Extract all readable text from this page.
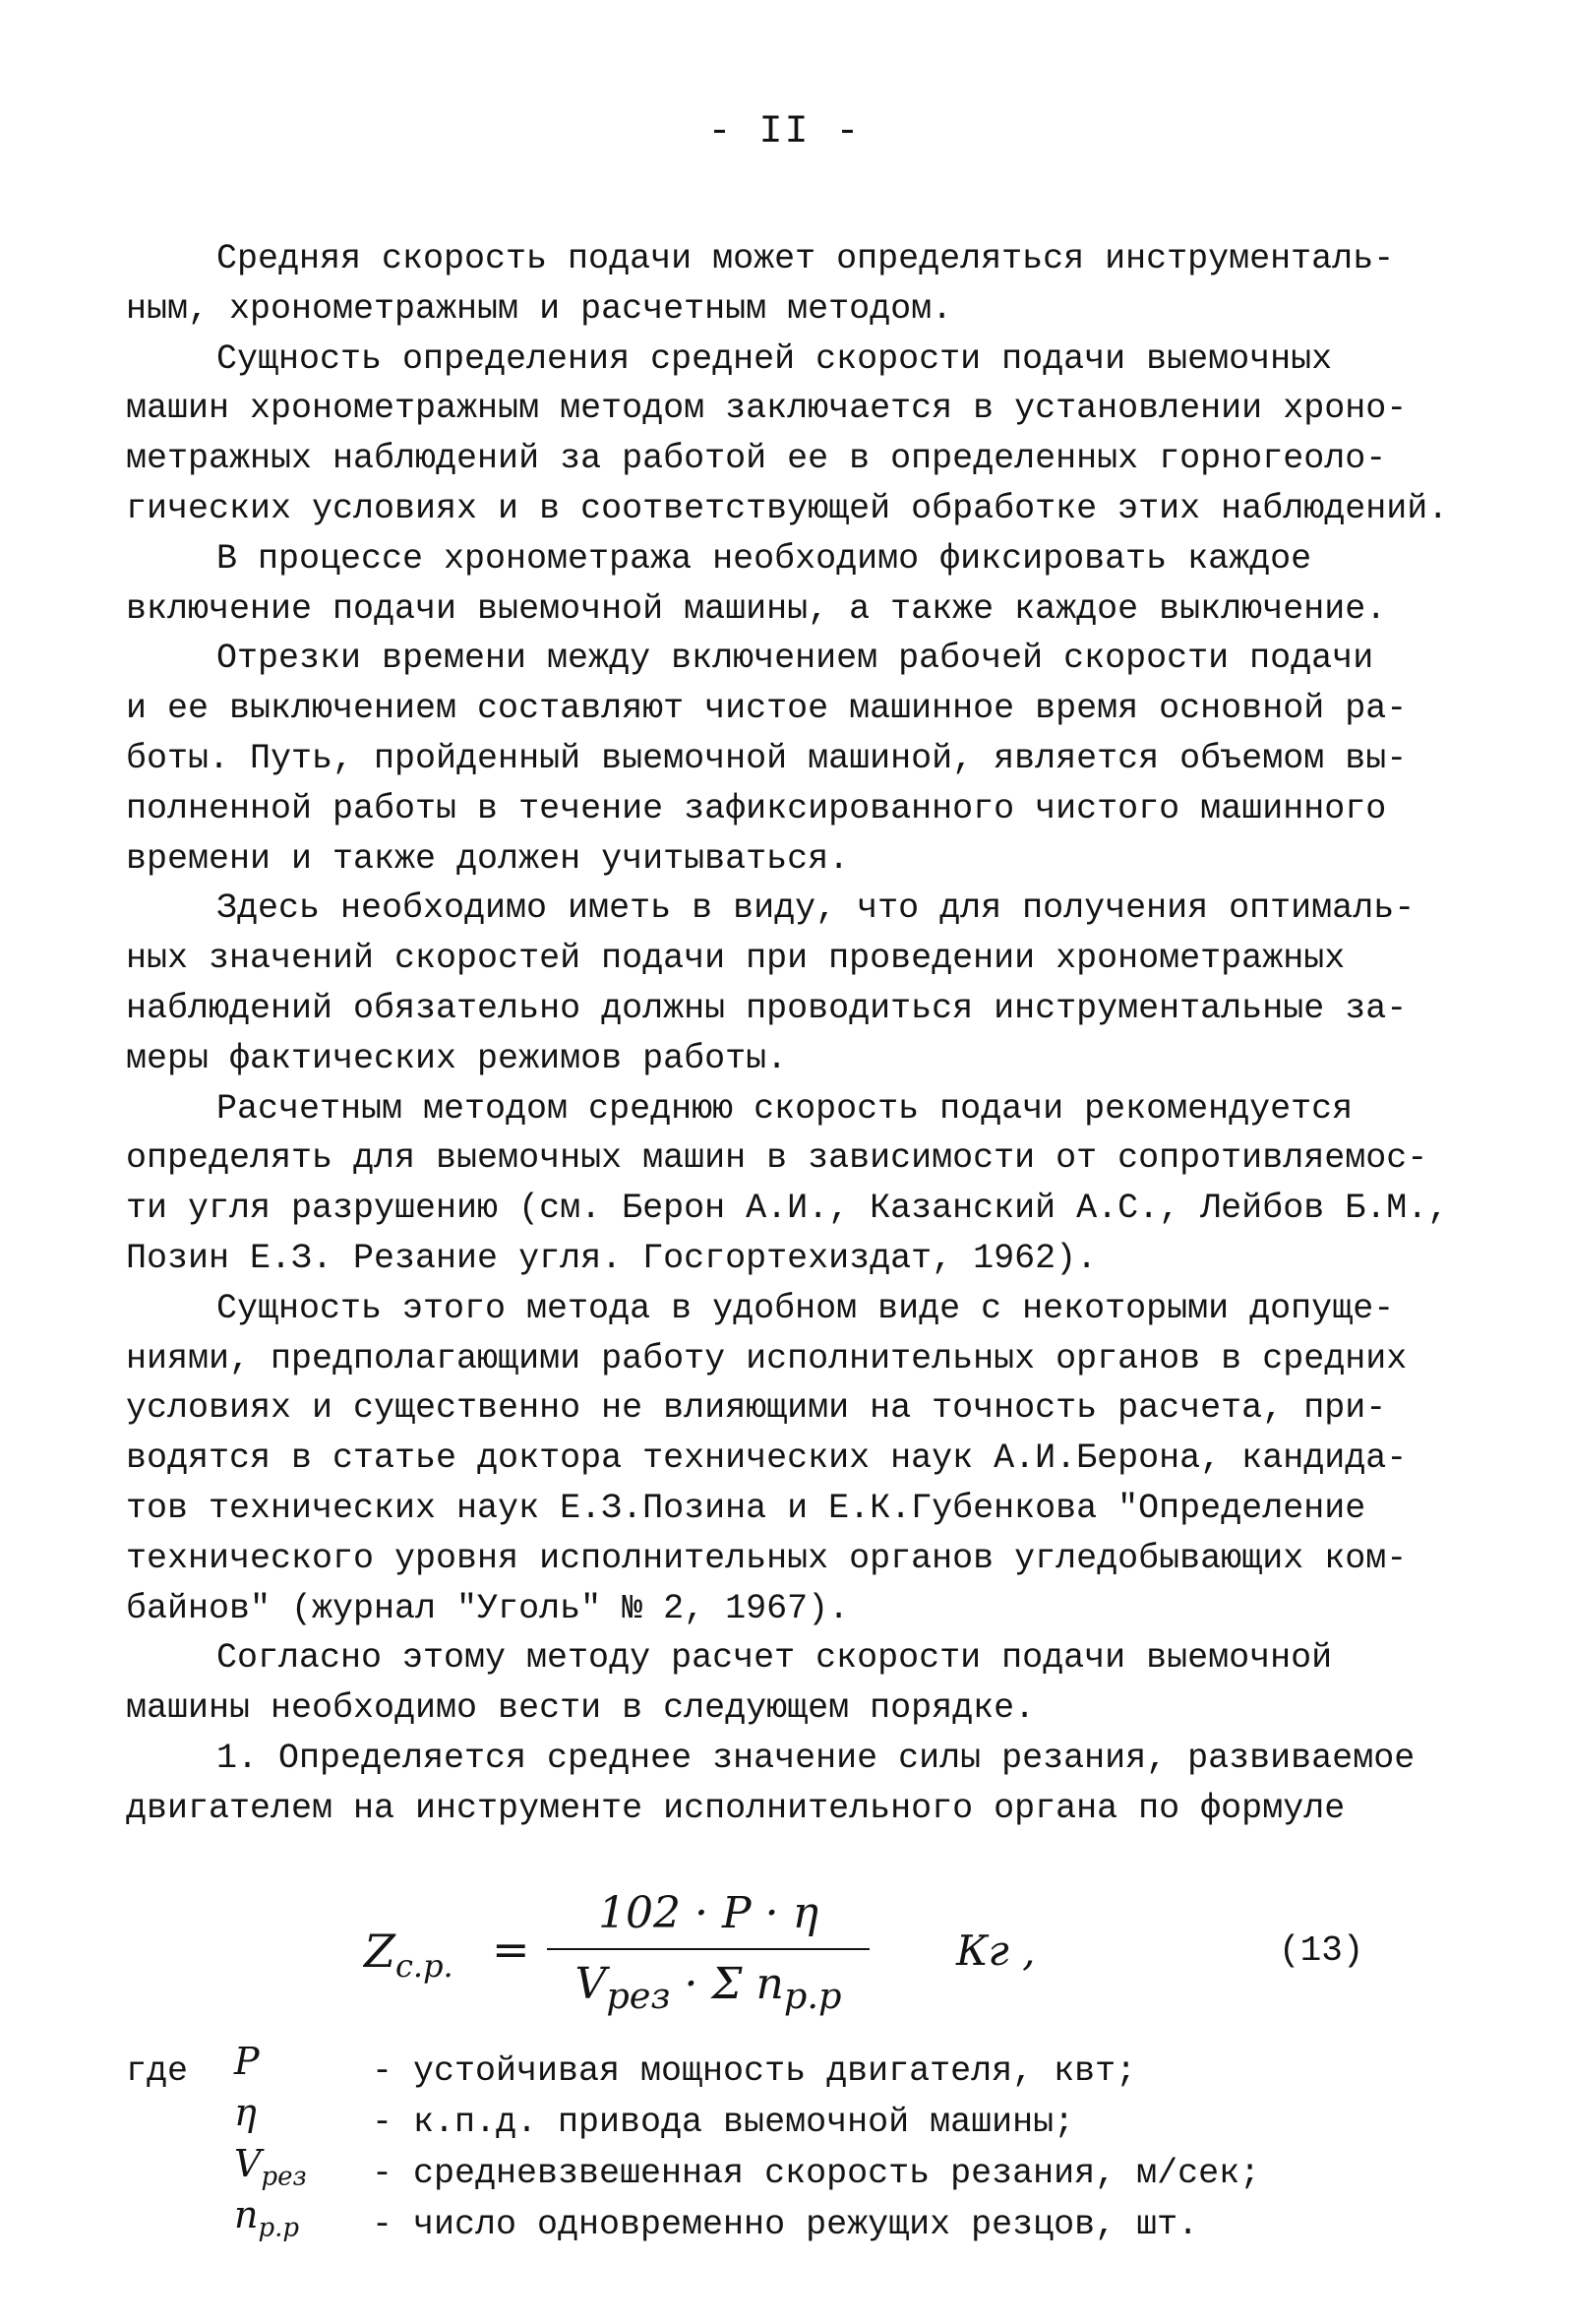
- II -

Средняя скорость подачи может определяться инструменталь-
ным, хронометражным и расчетным методом.

Сущность определения средней скорости подачи выемочных
машин хронометражным методом заключается в установлении хроно-
метражных наблюдений за работой ее в определенных горногеоло-
гических условиях и в соответствующей обработке этих наблюдений.

В процессе хронометража необходимо фиксировать каждое
включение подачи выемочной машины, а также каждое выключение.

Отрезки времени между включением рабочей скорости подачи
и ее выключением составляют чистое машинное время основной ра-
боты. Путь, пройденный выемочной машиной, является объемом вы-
полненной работы в течение зафиксированного чистого машинного
времени и также должен учитываться.

Здесь необходимо иметь в виду, что для получения оптималь-
ных значений скоростей подачи при проведении хронометражных
наблюдений обязательно должны проводиться инструментальные за-
меры фактических режимов работы.

Расчетным методом среднюю скорость подачи рекомендуется
определять для выемочных машин в зависимости от сопротивляемос-
ти угля разрушению (см. Берон А.И., Казанский А.С., Лейбов Б.М.,
Позин Е.З. Резание угля. Госгортехиздат, 1962).

Сущность этого метода в удобном виде с некоторыми допуще-
ниями, предполагающими работу исполнительных органов в средних
условиях и существенно не влияющими на точность расчета, при-
водятся в статье доктора технических наук А.И.Берона, кандида-
тов технических наук Е.З.Позина и Е.К.Губенкова "Определение
технического уровня исполнительных органов угледобывающих ком-
байнов" (журнал "Уголь" № 2, 1967).

Согласно этому методу расчет скорости подачи выемочной
машины необходимо вести в следующем порядке.

1. Определяется среднее значение силы резания, развиваемое
двигателем на инструменте исполнительного органа по формуле

$Z_{c.p.}$ =
102 · P · η
$V_{рез} \cdot \Sigma$ $n_{р.р}$
Кг ,	(13)
где P	- устойчивая мощность двигателя, квт;
η	- к.п.д. привода выемочной машины;
$V_{рез}$	- средневзвешенная скорость резания, м/сек;
$n_{р.р}$	- число одновременно режущих резцов, шт.
